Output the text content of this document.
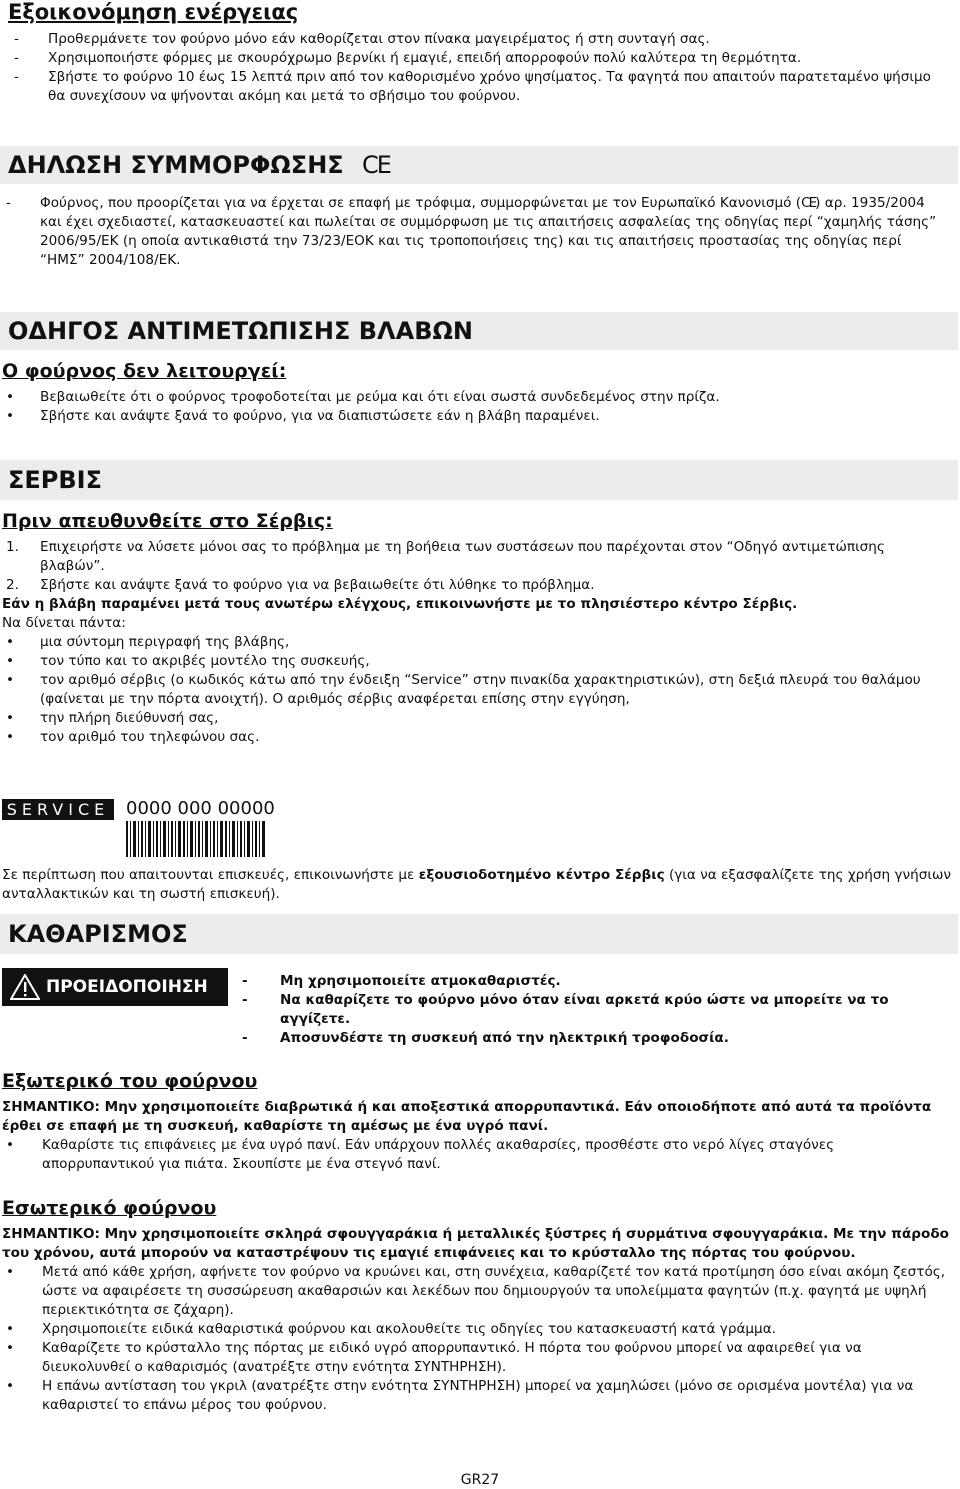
Εξοικονόμηση ενέργειας
-	Προθερμάνετε τον φούρνο μόνο εάν καθορίζεται στον πίνακα μαγειρέματος ή στη συνταγή σας.
-	Χρησιμοποιήστε φόρμες με σκουρόχρωμο βερνίκι ή εμαγιέ, επειδή απορροφούν πολύ καλύτερα τη θερμότητα.
-	Σβήστε το φούρνο 10 έως 15 λεπτά πριν από τον καθορισμένο χρόνο ψησίματος. Τα φαγητά που απαιτούν παρατεταμένο ψήσιμο θα συνεχίσουν να ψήνονται ακόμη και μετά το σβήσιμο του φούρνου.
ΔΗΛΩΣΗ ΣΥΜΜΟΡΦΩΣΗΣ CE
-	Φούρνος, που προορίζεται για να έρχεται σε επαφή με τρόφιμα, συμμορφώνεται με τον Ευρωπαϊκό Κανονισμό (CE) αρ. 1935/2004 και έχει σχεδιαστεί, κατασκευαστεί και πωλείται σε συμμόρφωση με τις απαιτήσεις ασφαλείας της οδηγίας περί “χαμηλής τάσης” 2006/95/ΕΚ (η οποία αντικαθιστά την 73/23/ΕΟΚ και τις τροποποιήσεις της) και τις απαιτήσεις προστασίας της οδηγίας περί “ΗΜΣ” 2004/108/ΕΚ.
ΟΔΗΓΟΣ ΑΝΤΙΜΕΤΩΠΙΣΗΣ ΒΛΑΒΩΝ
Ο φούρνος δεν λειτουργεί:
•	Βεβαιωθείτε ότι ο φούρνος τροφοδοτείται με ρεύμα και ότι είναι σωστά συνδεδεμένος στην πρίζα.
•	Σβήστε και ανάψτε ξανά το φούρνο, για να διαπιστώσετε εάν η βλάβη παραμένει.
ΣΕΡΒΙΣ
Πριν απευθυνθείτε στο Σέρβις:
1.	Επιχειρήστε να λύσετε μόνοι σας το πρόβλημα με τη βοήθεια των συστάσεων που παρέχονται στον “Οδηγό αντιμετώπισης βλαβών”.
2.	Σβήστε και ανάψτε ξανά το φούρνο για να βεβαιωθείτε ότι λύθηκε το πρόβλημα.
Εάν η βλάβη παραμένει μετά τους ανωτέρω ελέγχους, επικοινωνήστε με το πλησιέστερο κέντρο Σέρβις.
Να δίνεται πάντα:
•	μια σύντομη περιγραφή της βλάβης,
•	τον τύπο και το ακριβές μοντέλο της συσκευής,
•	τον αριθμό σέρβις (ο κωδικός κάτω από την ένδειξη “Service” στην πινακίδα χαρακτηριστικών), στη δεξιά πλευρά του θαλάμου (φαίνεται με την πόρτα ανοιχτή). Ο αριθμός σέρβις αναφέρεται επίσης στην εγγύηση,
•	την πλήρη διεύθυνσή σας,
•	τον αριθμό του τηλεφώνου σας.
SERVICE 0000 000 00000
Σε περίπτωση που απαιτουνται επισκευές, επικοινωνήστε με εξουσιοδοτημένο κέντρο Σέρβις (για να εξασφαλίζετε της χρήση γνήσιων ανταλλακτικών και τη σωστή επισκευή).
ΚΑΘΑΡΙΣΜΟΣ
ΠΡΟΕΙΔΟΠΟΙΗΣΗ	-	Μη χρησιμοποιείτε ατμοκαθαριστές.
-	Να καθαρίζετε το φούρνο μόνο όταν είναι αρκετά κρύο ώστε να μπορείτε να το αγγίζετε.
-	Αποσυνδέστε τη συσκευή από την ηλεκτρική τροφοδοσία.
Εξωτερικό του φούρνου
ΣΗΜΑΝΤΙΚΟ: Μην χρησιμοποιείτε διαβρωτικά ή και αποξεστικά απορρυπαντικά. Εάν οποιοδήποτε από αυτά τα προϊόντα έρθει σε επαφή με τη συσκευή, καθαρίστε τη αμέσως με ένα υγρό πανί.
•	Καθαρίστε τις επιφάνειες με ένα υγρό πανί. Εάν υπάρχουν πολλές ακαθαρσίες, προσθέστε στο νερό λίγες σταγόνες απορρυπαντικού για πιάτα. Σκουπίστε με ένα στεγνό πανί.
Εσωτερικό φούρνου
ΣΗΜΑΝΤΙΚΟ: Μην χρησιμοποιείτε σκληρά σφουγγαράκια ή μεταλλικές ξύστρες ή συρμάτινα σφουγγαράκια. Με την πάροδο του χρόνου, αυτά μπορούν να καταστρέψουν τις εμαγιέ επιφάνειες και το κρύσταλλο της πόρτας του φούρνου.
•	Μετά από κάθε χρήση, αφήνετε τον φούρνο να κρυώνει και, στη συνέχεια, καθαρίζετέ τον κατά προτίμηση όσο είναι ακόμη ζεστός, ώστε να αφαιρέσετε τη συσσώρευση ακαθαρσιών και λεκέδων που δημιουργούν τα υπολείμματα φαγητών (π.χ. φαγητά με υψηλή περιεκτικότητα σε ζάχαρη).
•	Χρησιμοποιείτε ειδικά καθαριστικά φούρνου και ακολουθείτε τις οδηγίες του κατασκευαστή κατά γράμμα.
•	Καθαρίζετε το κρύσταλλο της πόρτας με ειδικό υγρό απορρυπαντικό. Η πόρτα του φούρνου μπορεί να αφαιρεθεί για να διευκολυνθεί ο καθαρισμός (ανατρέξτε στην ενότητα ΣΥΝΤΗΡΗΣΗ).
•	Η επάνω αντίσταση του γκριλ (ανατρέξτε στην ενότητα ΣΥΝΤΗΡΗΣΗ) μπορεί να χαμηλώσει (μόνο σε ορισμένα μοντέλα) για να καθαριστεί το επάνω μέρος του φούρνου.
GR27
